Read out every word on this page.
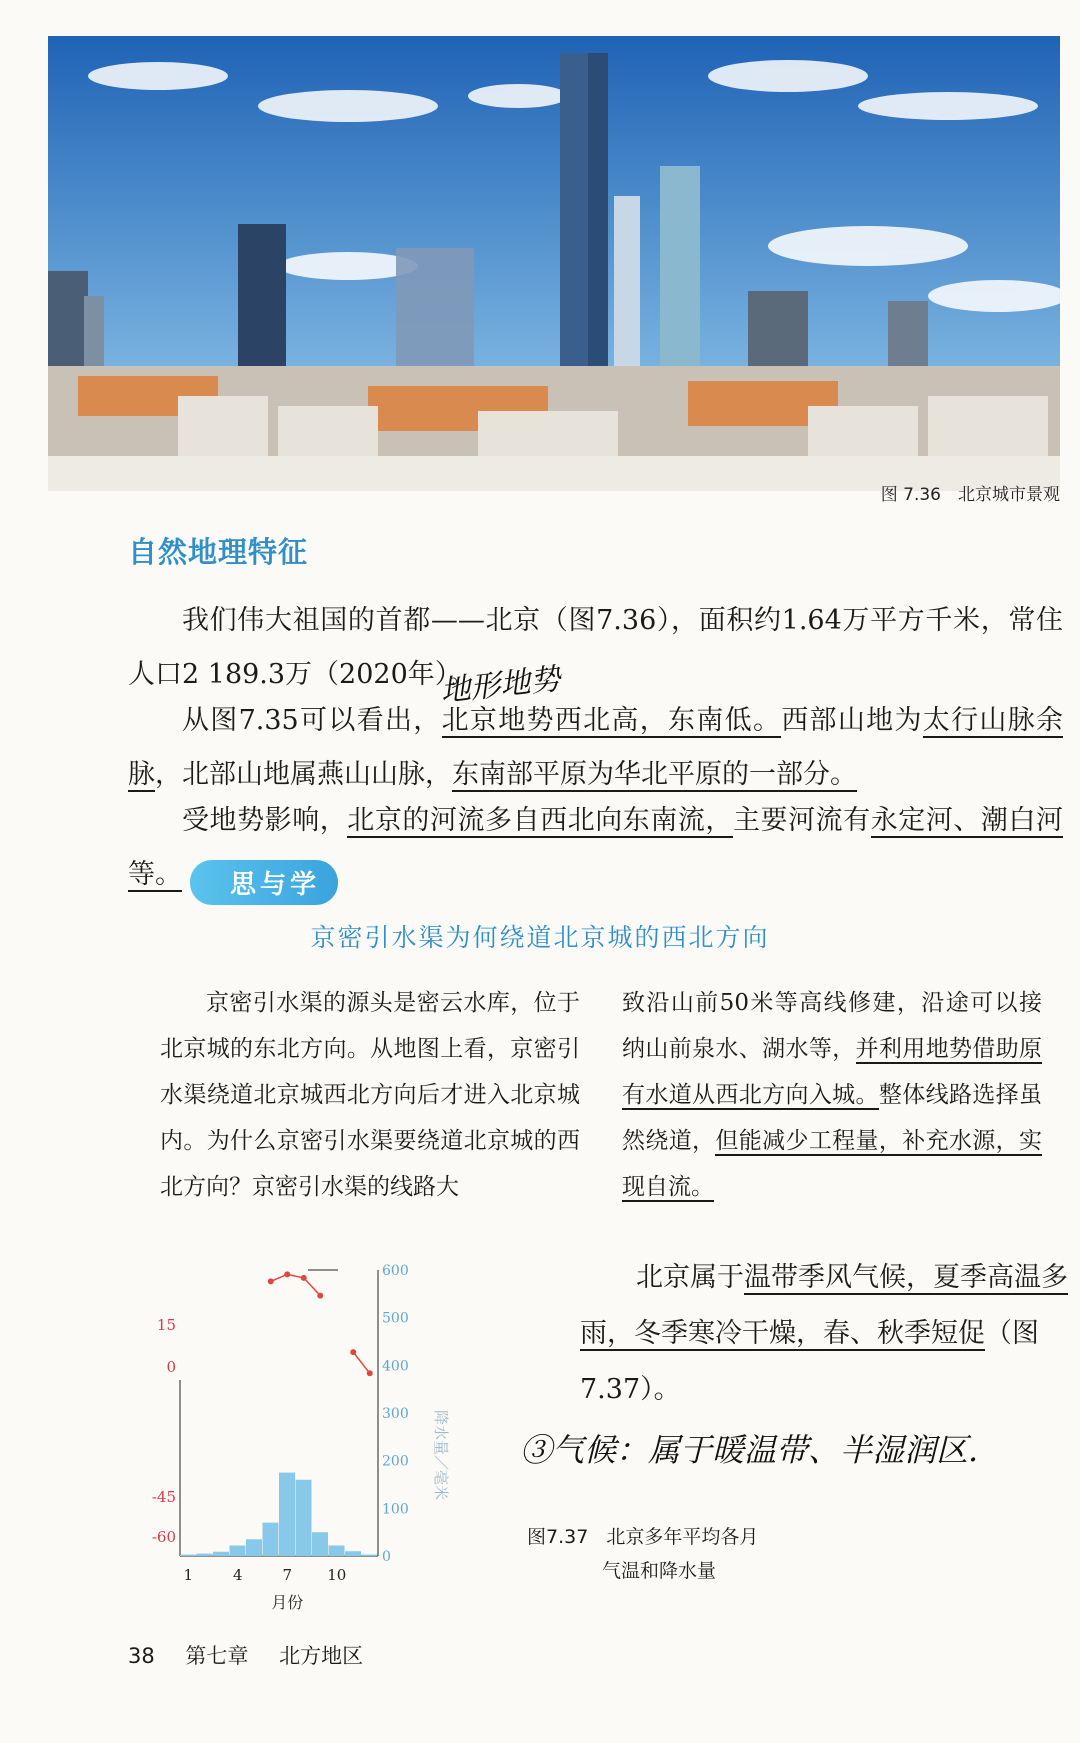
图 7.36　北京城市景观
自然地理特征
地形地势

我们伟大祖国的首都——北京（图7.36），面积约1.64万平方千米，常住人口2 189.3万（2020年）。

从图7.35可以看出，北京地势西北高，东南低。西部山地为太行山脉余脉，北部山地属燕山山脉，东南部平原为华北平原的一部分。

受地势影响，北京的河流多自西北向东南流，主要河流有永定河、潮白河等。	思与学
京密引水渠为何绕道北京城的西北方向

京密引水渠的源头是密云水库，位于北京城的东北方向。从地图上看，京密引水渠绕道北京城西北方向后才进入北京城内。为什么京密引水渠要绕道北京城的西北方向？京密引水渠的线路大

致沿山前50米等高线修建，沿途可以接纳山前泉水、湖水等，并利用地势借助原有水道从西北方向入城。整体线路选择虽然绕道，但能减少工程量，补充水源，实现自流。

15
0
-45
-60
600
500
400
300
200
100
0
降水量／毫米
1	4	7 10
月份

北京属于温带季风气候，夏季高温多雨，冬季寒冷干燥，春、秋季短促（图7.37）。

③气候：属于暖温带、半湿润区.
图7.37 北京多年平均各月
气温和降水量
38 第七章 北方地区
